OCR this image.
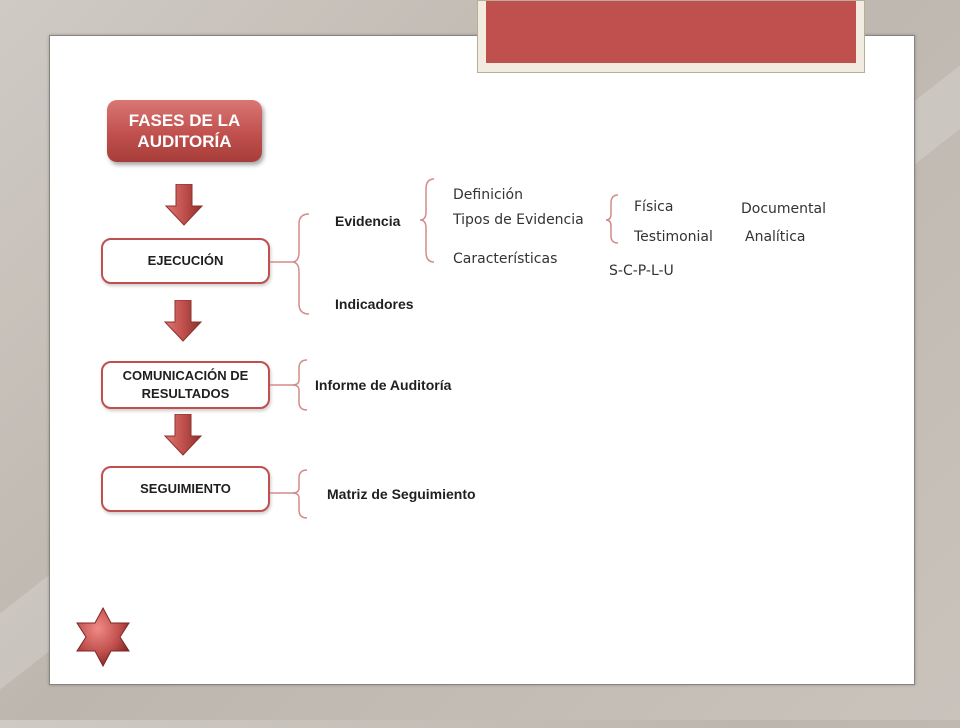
FASES DE LA AUDITORÍA
EJECUCIÓN
COMUNICACIÓN DE RESULTADOS
SEGUIMIENTO
Evidencia
Indicadores
Definición
Tipos de Evidencia
Características
Física	Documental
Testimonial Analítica
S-C-P-L-U
Informe de Auditoría
Matriz de Seguimiento
